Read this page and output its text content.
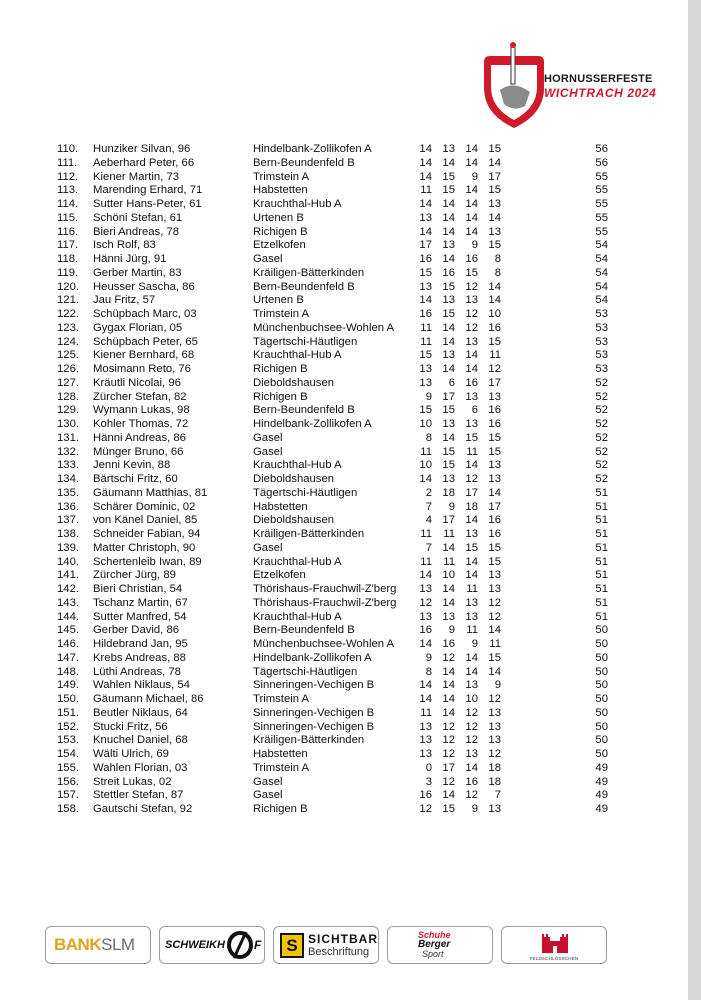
HORNUSSERFESTE
WICHTRACH 2024
110. Hunziker Silvan, 96	Hindelbank-Zollikofen A	14 13 14 15	56
111. Aeberhard Peter, 66	Bern-Beundenfeld B	14 14 14 14	56
112. Kiener Martin, 73	Trimstein A	14 15	9 17	55
113. Marending Erhard, 71	Habstetten	11 15 14 15	55
114. Sutter Hans-Peter, 61	Krauchthal-Hub A	14 14 14 13	55
115. Schöni Stefan, 61	Urtenen B	13 14 14 14	55
116. Bieri Andreas, 78	Richigen B	14 14 14 13	55
117. Isch Rolf, 83	Etzelkofen	17 13	9 15	54
118. Hänni Jürg, 91	Gasel	16 14 16	8	54
119. Gerber Martin, 83	Kräiligen-Bätterkinden	15 16 15	8	54
120. Heusser Sascha, 86	Bern-Beundenfeld B	13 15 12 14	54
121. Jau Fritz, 57	Urtenen B	14 13 13 14	54
122. Schüpbach Marc, 03	Trimstein A	16 15 12 10	53
123. Gygax Florian, 05	Münchenbuchsee-Wohlen A	11 14 12 16	53
124. Schüpbach Peter, 65	Tägertschi-Häutligen	11 14 13 15	53
125. Kiener Bernhard, 68	Krauchthal-Hub A	15 13 14 11	53
126. Mosimann Reto, 76	Richigen B	13 14 14 12	53
127. Kräutli Nicolai, 96	Dieboldshausen	13	6 16 17	52
128. Zürcher Stefan, 82	Richigen B	9 17 13 13	52
129. Wymann Lukas, 98	Bern-Beundenfeld B	15 15	6 16	52
130. Kohler Thomas, 72	Hindelbank-Zollikofen A	10 13 13 16	52
131. Hänni Andreas, 86	Gasel	8 14 15 15	52
132. Münger Bruno, 66	Gasel	11 15 11 15	52
133. Jenni Kevin, 88	Krauchthal-Hub A	10 15 14 13	52
134. Bärtschi Fritz, 60	Dieboldshausen	14 13 12 13	52
135. Gäumann Matthias, 81	Tägertschi-Häutligen	2 18 17 14	51
136. Schärer Dominic, 02	Habstetten	7	9 18 17	51
137. von Känel Daniel, 85	Dieboldshausen	4 17 14 16	51
138. Schneider Fabian, 94	Kräiligen-Bätterkinden	11 11 13 16	51
139. Matter Christoph, 90	Gasel	7 14 15 15	51
140. Schertenleib Iwan, 89	Krauchthal-Hub A	11 11 14 15	51
141. Zürcher Jürg, 89	Etzelkofen	14 10 14 13	51
142. Bieri Christian, 54	Thörishaus-Frauchwil-Z'berg	13 14 11 13	51
143. Tschanz Martin, 67	Thörishaus-Frauchwil-Z'berg	12 14 13 12	51
144. Sutter Manfred, 54	Krauchthal-Hub A	13 13 13 12	51
145. Gerber David, 86	Bern-Beundenfeld B	16	9 11 14	50
146. Hildebrand Jan, 95	Münchenbuchsee-Wohlen A	14 16	9 11	50
147. Krebs Andreas, 88	Hindelbank-Zollikofen A	9 12 14 15	50
148. Lüthi Andreas, 78	Tägertschi-Häutligen	8 14 14 14	50
149. Wahlen Niklaus, 54	Sinneringen-Vechigen B	14 14 13	9	50
150. Gäumann Michael, 86	Trimstein A	14 14 10 12	50
151. Beutler Niklaus, 64	Sinneringen-Vechigen B	11 14 12 13	50
152. Stucki Fritz, 56	Sinneringen-Vechigen B	13 12 12 13	50
153. Knuchel Daniel, 68	Kräiligen-Bätterkinden	13 12 12 13	50
154. Wälti Ulrich, 69	Habstetten	13 12 13 12	50
155. Wahlen Florian, 03	Trimstein A	0 17 14 18	49
156. Streit Lukas, 02	Gasel	3 12 16 18	49
157. Stettler Stefan, 87	Gasel	16 14 12	7	49
158. Gautschi Stefan, 92	Richigen B	12 15	9 13	49
BANKSLM	SCHWEIKH F	S SICHTBAR
Beschriftung
Schuhe
Berger
Sport	FELDSCHLÖSSCHEN
